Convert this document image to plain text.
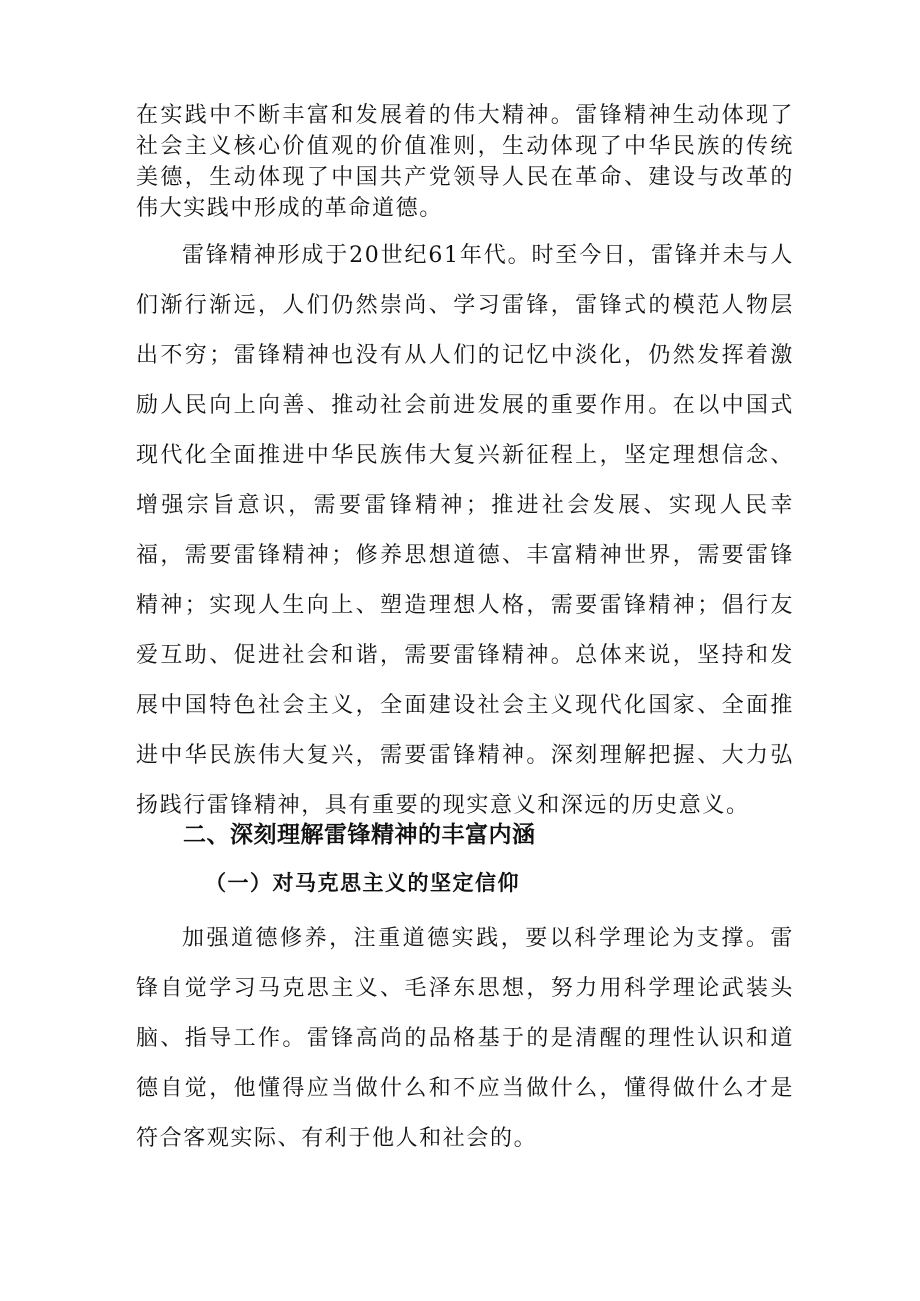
在实践中不断丰富和发展着的伟大精神。雷锋精神生动体现了社会主义核心价值观的价值准则，生动体现了中华民族的传统美德，生动体现了中国共产党领导人民在革命、建设与改革的伟大实践中形成的革命道德。

雷锋精神形成于20世纪61年代。时至今日，雷锋并未与人们渐行渐远，人们仍然崇尚、学习雷锋，雷锋式的模范人物层出不穷；雷锋精神也没有从人们的记忆中淡化，仍然发挥着激励人民向上向善、推动社会前进发展的重要作用。在以中国式现代化全面推进中华民族伟大复兴新征程上，坚定理想信念、增强宗旨意识，需要雷锋精神；推进社会发展、实现人民幸福，需要雷锋精神；修养思想道德、丰富精神世界，需要雷锋精神；实现人生向上、塑造理想人格，需要雷锋精神；倡行友爱互助、促进社会和谐，需要雷锋精神。总体来说，坚持和发展中国特色社会主义，全面建设社会主义现代化国家、全面推进中华民族伟大复兴，需要雷锋精神。深刻理解把握、大力弘扬践行雷锋精神，具有重要的现实意义和深远的历史意义。

二、深刻理解雷锋精神的丰富内涵
（一）对马克思主义的坚定信仰

加强道德修养，注重道德实践，要以科学理论为支撑。雷锋自觉学习马克思主义、毛泽东思想，努力用科学理论武装头脑、指导工作。雷锋高尚的品格基于的是清醒的理性认识和道德自觉，他懂得应当做什么和不应当做什么，懂得做什么才是符合客观实际、有利于他人和社会的。
